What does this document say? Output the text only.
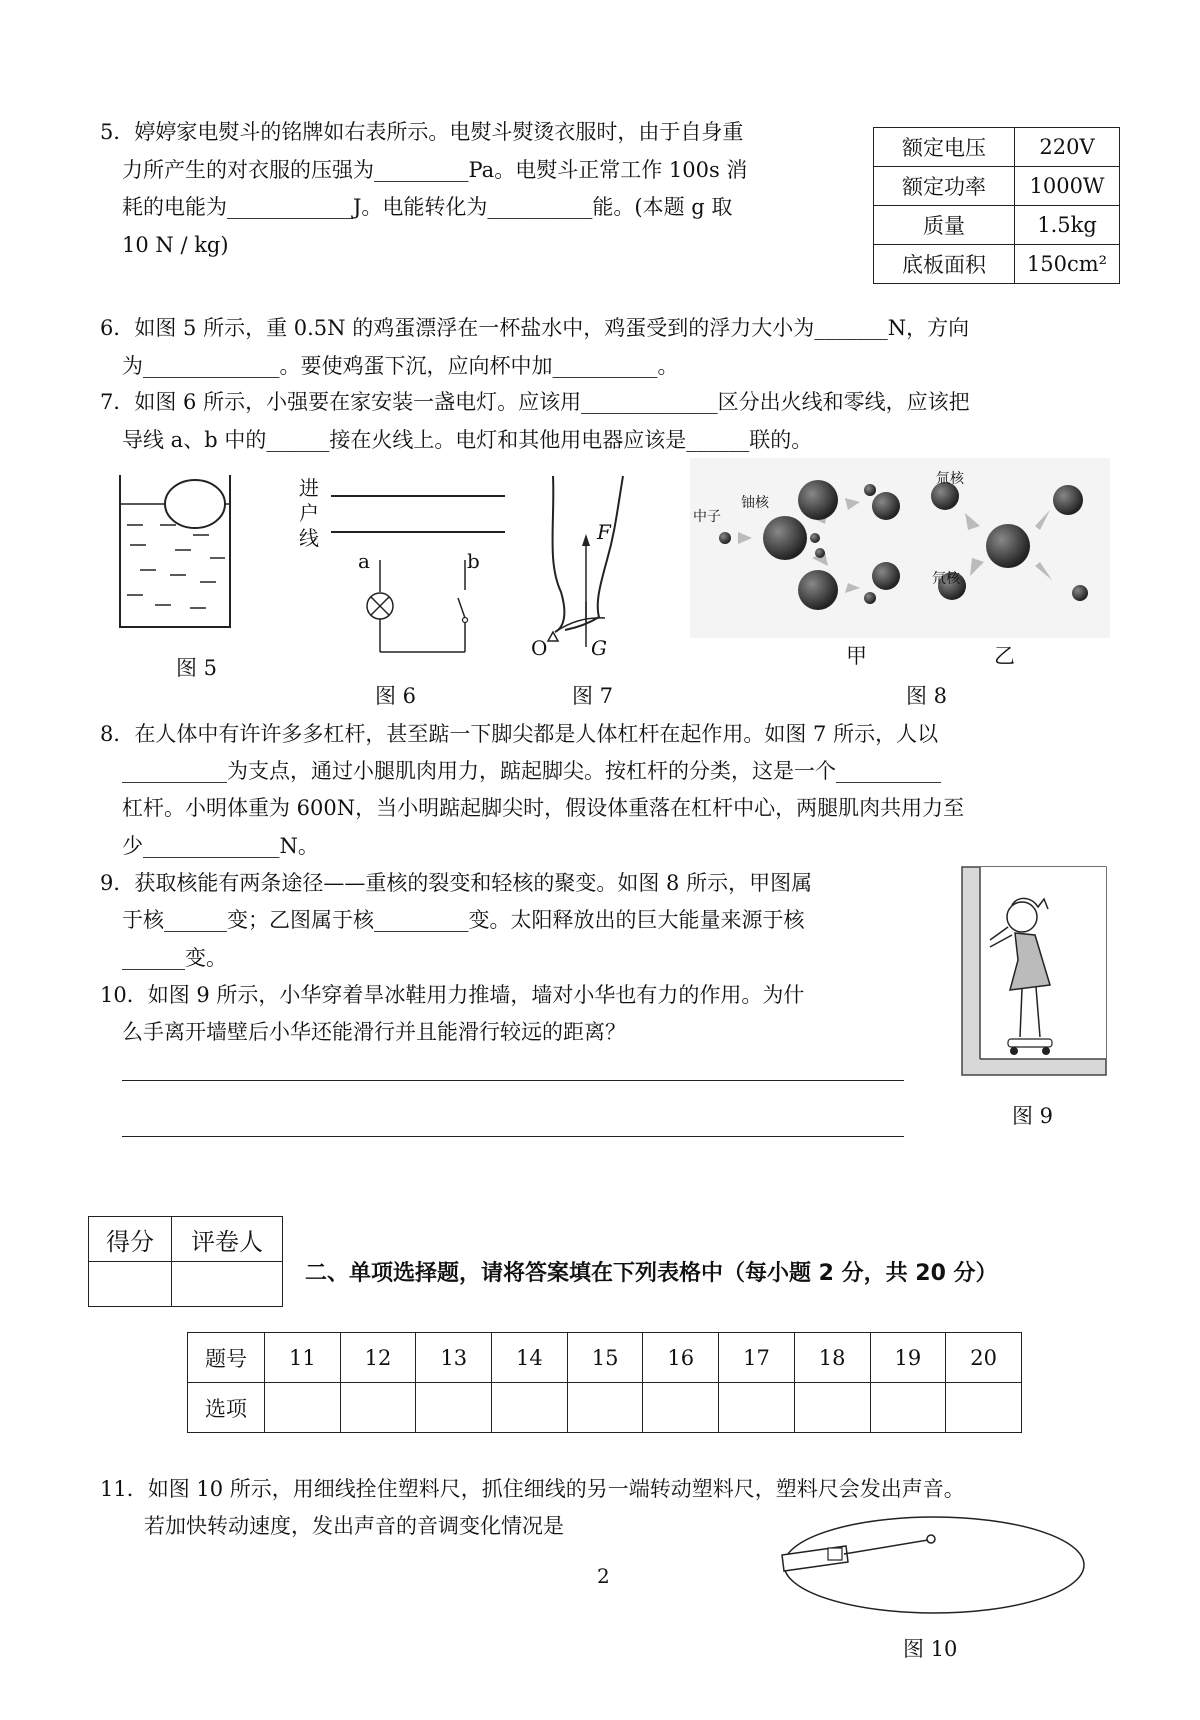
5．婷婷家电熨斗的铭牌如右表所示。电熨斗熨烫衣服时，由于自身重
力所产生的对衣服的压强为_________Pa。电熨斗正常工作 100s 消
耗的电能为____________J。电能转化为__________能。(本题 g 取
10 N / kg)
额定电压	220V
额定功率	1000W
质量	1.5kg
底板面积	150cm²
6．如图 5 所示，重 0.5N 的鸡蛋漂浮在一杯盐水中，鸡蛋受到的浮力大小为_______N，方向
为_____________。要使鸡蛋下沉，应向杯中加__________。
7．如图 6 所示，小强要在家安装一盏电灯。应该用_____________区分出火线和零线，应该把
导线 a、b 中的______接在火线上。电灯和其他用电器应该是______联的。
图 5
进
户
线
a	b
图 6
F
G
O
图 7
中子
铀核
氚核
氘核
甲	乙
图 8
8．在人体中有许许多多杠杆，甚至踮一下脚尖都是人体杠杆在起作用。如图 7 所示，人以
__________为支点，通过小腿肌肉用力，踮起脚尖。按杠杆的分类，这是一个__________
杠杆。小明体重为 600N，当小明踮起脚尖时，假设体重落在杠杆中心，两腿肌肉共用力至
少_____________N。
9．获取核能有两条途径——重核的裂变和轻核的聚变。如图 8 所示，甲图属
于核______变；乙图属于核_________变。太阳释放出的巨大能量来源于核
______变。
10．如图 9 所示，小华穿着旱冰鞋用力推墙，墙对小华也有力的作用。为什
么手离开墙壁后小华还能滑行并且能滑行较远的距离？
图 9
得分	评卷人

二、单项选择题，请将答案填在下列表格中（每小题 2 分，共 20 分）
题号	11	12	13	14	15	16	17	18	19	20
选项										
11．如图 10 所示，用细线拴住塑料尺，抓住细线的另一端转动塑料尺，塑料尺会发出声音。
若加快转动速度，发出声音的音调变化情况是
图 10
2
